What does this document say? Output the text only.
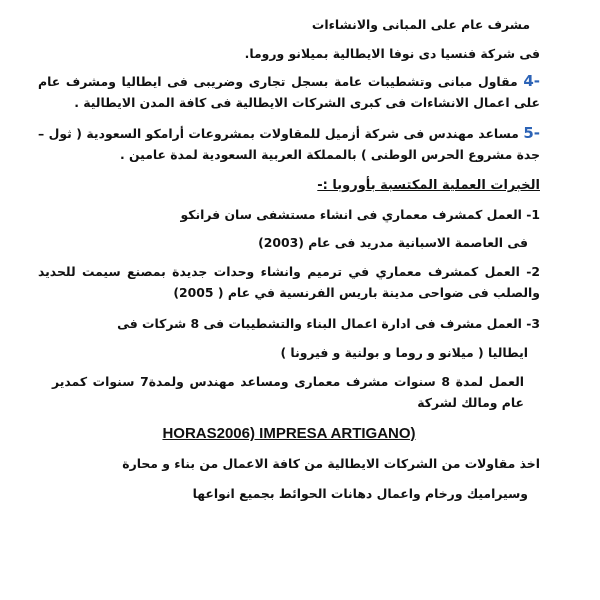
مشرف عام على المبانى والانشاءات
فى شركة فنسيا دى نوفا الايطالية بميلانو وروما.
-4 مقاول مبانى وتشطيبات عامة بسجل تجارى وضريبى فى ايطاليا ومشرف عام على اعمال الانشاءات فى كبرى الشركات الايطالية فى كافة المدن الايطالية .
-5 مساعد مهندس فى شركة أزميل للمقاولات بمشروعات أرامكو السعودية ( ثول – جدة مشروع الحرس الوطنى ) بالمملكة العربية السعودية لمدة عامين .
الخبرات العملية المكتسبة بأوروبا :-
1- العمل كمشرف معماري فى انشاء مستشفى سان فرانكو
فى العاصمة الاسبانية مدريد فى عام (2003)
2- العمل كمشرف معماري في ترميم وانشاء وحدات جديدة بمصنع سيمت للحديد والصلب فى ضواحى مدينة باريس الفرنسية في عام ( 2005)
3- العمل مشرف فى ادارة اعمال البناء والتشطيبات فى 8 شركات فى
ايطاليا ( ميلانو و روما و بولنية و فيرونا )
العمل لمدة 8 سنوات مشرف معمارى ومساعد مهندس ولمدة7 سنوات كمدير عام ومالك لشركة
HORAS2006) IMPRESA ARTIGANO)
اخذ مقاولات من الشركات الايطالية من كافة الاعمال من بناء و محارة
وسيراميك ورخام واعمال دهانات الحوائط بجميع انواعها
